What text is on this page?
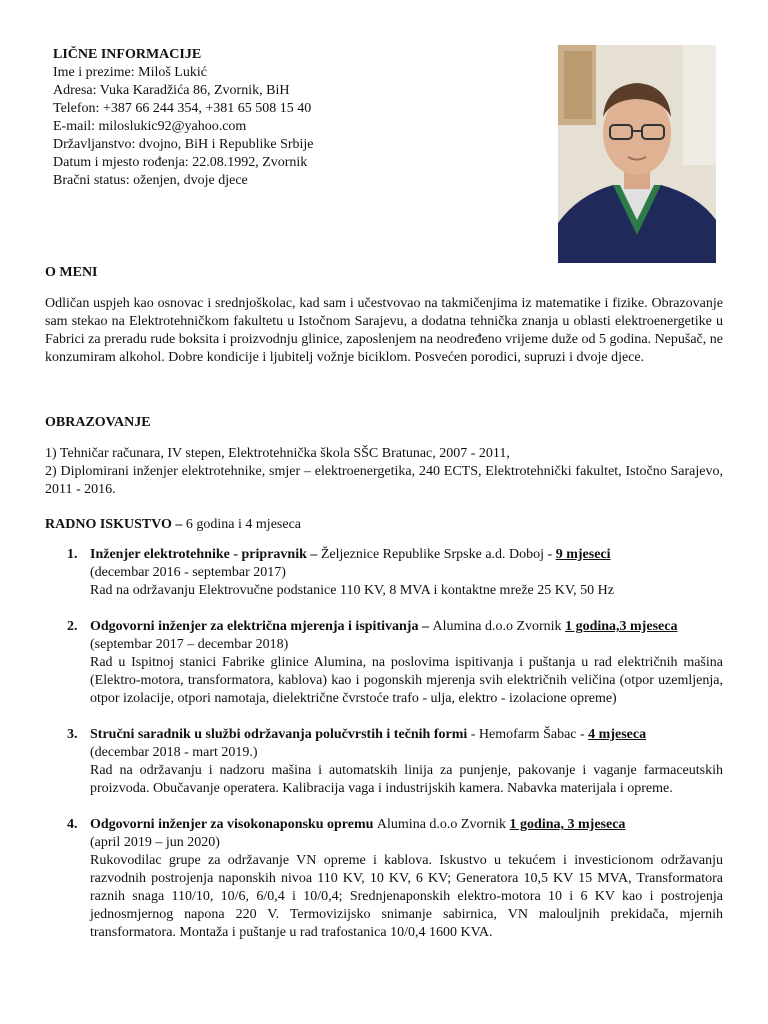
LIČNE INFORMACIJE

Ime i prezime: Miloš Lukić
Adresa: Vuka Karadžića 86, Zvornik, BiH
Telefon: +387 66 244 354, +381 65 508 15 40
E-mail: miloslukic92@yahoo.com
Državljanstvo: dvojno, BiH i Republike Srbije
Datum i mjesto rođenja: 22.08.1992, Zvornik
Bračni status: oženjen, dvoje djece

O MENI

Odličan uspjeh kao osnovac i srednjoškolac, kad sam i učestvovao na takmičenjima iz matematike i fizike. Obrazovanje sam stekao na Elektrotehničkom fakultetu u Istočnom Sarajevu, a dodatna tehnička znanja u oblasti elektroenergetike u Fabrici za preradu rude boksita i proizvodnju glinice, zaposlenjem na neodređeno vrijeme duže od 5 godina. Nepušač, ne konzumiram alkohol. Dobre kondicije i ljubitelj vožnje biciklom. Posvećen porodici, supruzi i dvoje djece.

OBRAZOVANJE

1) Tehničar računara, IV stepen, Elektrotehnička škola SŠC Bratunac, 2007 - 2011,
2) Diplomirani inženjer elektrotehnike, smjer – elektroenergetika, 240 ECTS, Elektrotehnički fakultet, Istočno Sarajevo, 2011 - 2016.
RADNO ISKUSTVO – 6 godina i 4 mjeseca
1. Inženjer elektrotehnike - pripravnik – Željeznice Republike Srpske a.d. Doboj - 9 mjeseci
(decembar 2016 - septembar 2017)
Rad na održavanju Elektrovučne podstanice 110 KV, 8 MVA i kontaktne mreže 25 KV, 50 Hz
2. Odgovorni inženjer za električna mjerenja i ispitivanja – Alumina d.o.o Zvornik 1 godina,3 mjeseca
(septembar 2017 – decembar 2018)
Rad u Ispitnoj stanici Fabrike glinice Alumina, na poslovima ispitivanja i puštanja u rad električnih mašina (Elektro-motora, transformatora, kablova) kao i pogonskih mjerenja svih električnih veličina (otpor uzemljenja, otpor izolacije, otpori namotaja, dielektrične čvrstoće trafo - ulja, elektro - izolacione opreme)
3. Stručni saradnik u službi održavanja polučvrstih i tečnih formi - Hemofarm Šabac - 4 mjeseca
(decembar 2018 - mart 2019.)
Rad na održavanju i nadzoru mašina i automatskih linija za punjenje, pakovanje i vaganje farmaceutskih proizvoda. Obučavanje operatera. Kalibracija vaga i industrijskih kamera. Nabavka materijala i opreme.
4. Odgovorni inženjer za visokonaponsku opremu Alumina d.o.o Zvornik 1 godina, 3 mjeseca
(april 2019 – jun 2020)
Rukovodilac grupe za održavanje VN opreme i kablova. Iskustvo u tekućem i investicionom održavanju razvodnih postrojenja naponskih nivoa 110 KV, 10 KV, 6 KV; Generatora 10,5 KV 15 MVA, Transformatora raznih snaga 110/10, 10/6, 6/0,4 i 10/0,4; Srednjenaponskih elektro-motora 10 i 6 KV kao i postrojenja jednosmjernog napona 220 V. Termovizijsko snimanje sabirnica, VN malouljnih prekidača, mjernih transformatora. Montaža i puštanje u rad trafostanica 10/0,4 1600 KVA.
